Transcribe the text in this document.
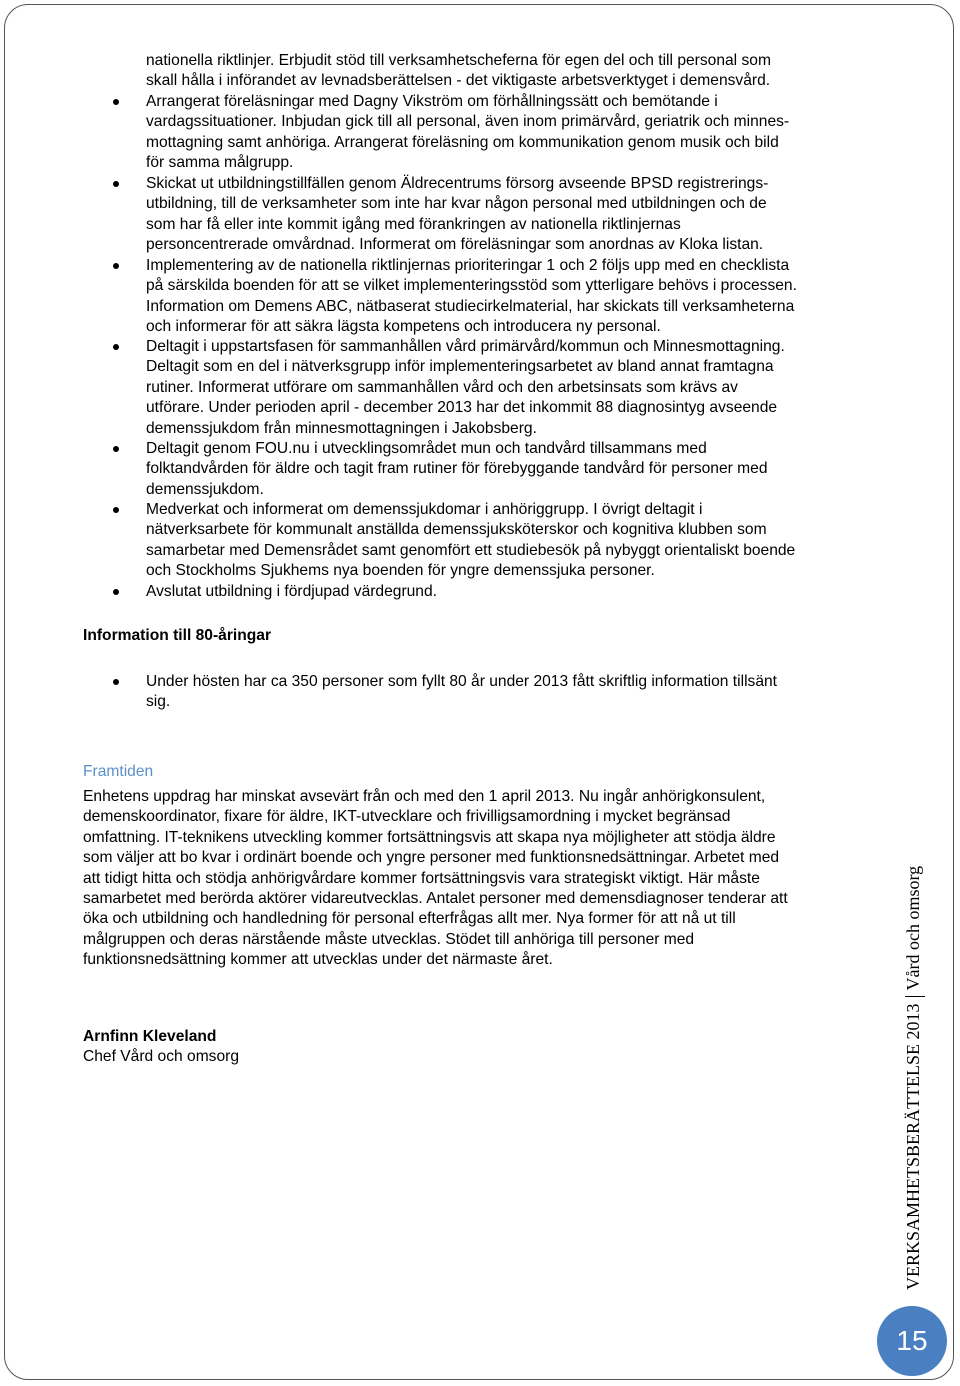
nationella riktlinjer. Erbjudit stöd till verksamhetscheferna för egen del och till personal som
skall hålla i införandet av levnadsberättelsen - det viktigaste arbetsverktyget i demensvård.
Arrangerat föreläsningar med Dagny Vikström om förhållningssätt och bemötande i
vardagssituationer. Inbjudan gick till all personal, även inom primärvård, geriatrik och minnes-
mottagning samt anhöriga. Arrangerat föreläsning om kommunikation genom musik och bild
för samma målgrupp.
Skickat ut utbildningstillfällen genom Äldrecentrums försorg avseende BPSD registrerings-
utbildning, till de verksamheter som inte har kvar någon personal med utbildningen och de
som har få eller inte kommit igång med förankringen av nationella riktlinjernas
personcentrerade omvårdnad. Informerat om föreläsningar som anordnas av Kloka listan.
Implementering av de nationella riktlinjernas prioriteringar 1 och 2 följs upp med en checklista
på särskilda boenden för att se vilket implementeringsstöd som ytterligare behövs i processen.
Information om Demens ABC, nätbaserat studiecirkelmaterial, har skickats till verksamheterna
och informerar för att säkra lägsta kompetens och introducera ny personal.
Deltagit i uppstartsfasen för sammanhållen vård primärvård/kommun och Minnesmottagning.
Deltagit som en del i nätverksgrupp inför implementeringsarbetet av bland annat framtagna
rutiner. Informerat utförare om sammanhållen vård och den arbetsinsats som krävs av
utförare. Under perioden april - december 2013 har det inkommit 88 diagnosintyg avseende
demenssjukdom från minnesmottagningen i Jakobsberg.
Deltagit genom FOU.nu i utvecklingsområdet mun och tandvård tillsammans med
folktandvården för äldre och tagit fram rutiner för förebyggande tandvård för personer med
demenssjukdom.
Medverkat och informerat om demenssjukdomar i anhöriggrupp. I övrigt deltagit i
nätverksarbete för kommunalt anställda demenssjuksköterskor och kognitiva klubben som
samarbetar med Demensrådet samt genomfört ett studiebesök på nybyggt orientaliskt boende
och Stockholms Sjukhems nya boenden för yngre demenssjuka personer.
Avslutat utbildning i fördjupad värdegrund.
Information till 80-åringar
Under hösten har ca 350 personer som fyllt 80 år under 2013 fått skriftlig information tillsänt
sig.
Framtiden
Enhetens uppdrag har minskat avsevärt från och med den 1 april 2013. Nu ingår anhörigkonsulent,
demenskoordinator, fixare för äldre, IKT-utvecklare och frivilligsamordning i mycket begränsad
omfattning. IT-teknikens utveckling kommer fortsättningsvis att skapa nya möjligheter att stödja äldre
som väljer att bo kvar i ordinärt boende och yngre personer med funktionsnedsättningar. Arbetet med
att tidigt hitta och stödja anhörigvårdare kommer fortsättningsvis vara strategiskt viktigt. Här måste
samarbetet med berörda aktörer vidareutvecklas. Antalet personer med demensdiagnoser tenderar att
öka och utbildning och handledning för personal efterfrågas allt mer. Nya former för att nå ut till
målgruppen och deras närstående måste utvecklas. Stödet till anhöriga till personer med
funktionsnedsättning kommer att utvecklas under det närmaste året.
Arnfinn Kleveland
Chef Vård och omsorg	VERKSAMHETSBERÄTTELSE 2013Vård och omsorg
15
